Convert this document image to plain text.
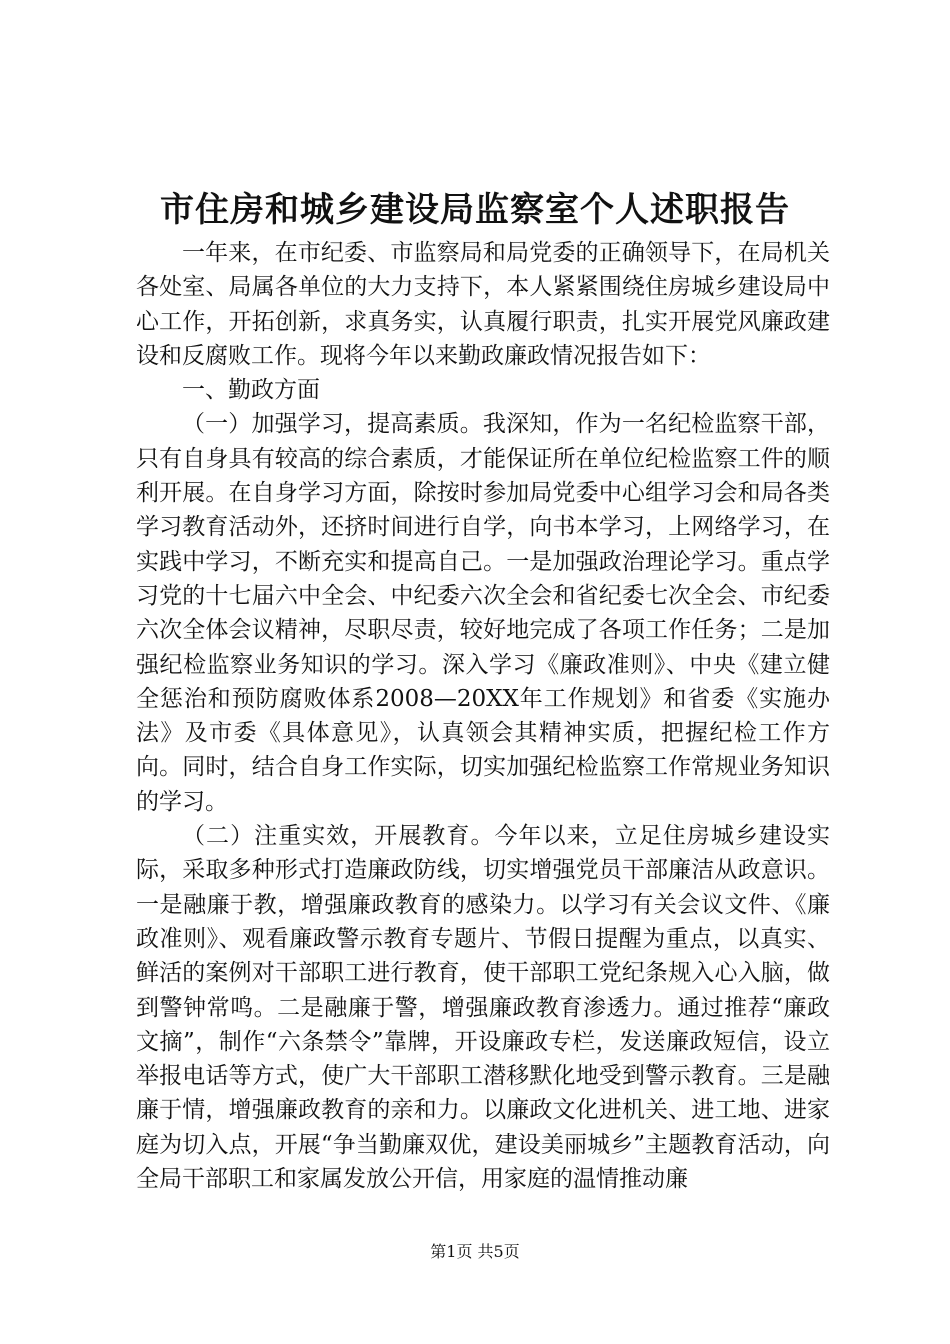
市住房和城乡建设局监察室个人述职报告

一年来，在市纪委、市监察局和局党委的正确领导下，在局机关各处室、局属各单位的大力支持下，本人紧紧围绕住房城乡建设局中心工作，开拓创新，求真务实，认真履行职责，扎实开展党风廉政建设和反腐败工作。现将今年以来勤政廉政情况报告如下：

一、勤政方面

（一）加强学习，提高素质。我深知，作为一名纪检监察干部，只有自身具有较高的综合素质，才能保证所在单位纪检监察工件的顺利开展。在自身学习方面，除按时参加局党委中心组学习会和局各类学习教育活动外，还挤时间进行自学，向书本学习，上网络学习，在实践中学习，不断充实和提高自己。一是加强政治理论学习。重点学习党的十七届六中全会、中纪委六次全会和省纪委七次全会、市纪委六次全体会议精神，尽职尽责，较好地完成了各项工作任务；二是加强纪检监察业务知识的学习。深入学习《廉政准则》、中央《建立健全惩治和预防腐败体系2008—20XX年工作规划》和省委《实施办法》及市委《具体意见》，认真领会其精神实质，把握纪检工作方向。同时，结合自身工作实际，切实加强纪检监察工作常规业务知识的学习。

（二）注重实效，开展教育。今年以来，立足住房城乡建设实际，采取多种形式打造廉政防线，切实增强党员干部廉洁从政意识。一是融廉于教，增强廉政教育的感染力。以学习有关会议文件、《廉政准则》、观看廉政警示教育专题片、节假日提醒为重点，以真实、鲜活的案例对干部职工进行教育，使干部职工党纪条规入心入脑，做到警钟常鸣。二是融廉于警，增强廉政教育渗透力。通过推荐“廉政文摘”，制作“六条禁令”靠牌，开设廉政专栏，发送廉政短信，设立举报电话等方式，使广大干部职工潜移默化地受到警示教育。三是融廉于情，增强廉政教育的亲和力。以廉政文化进机关、进工地、进家庭为切入点，开展“争当勤廉双优，建设美丽城乡”主题教育活动，向全局干部职工和家属发放公开信，用家庭的温情推动廉

第1页 共5页
